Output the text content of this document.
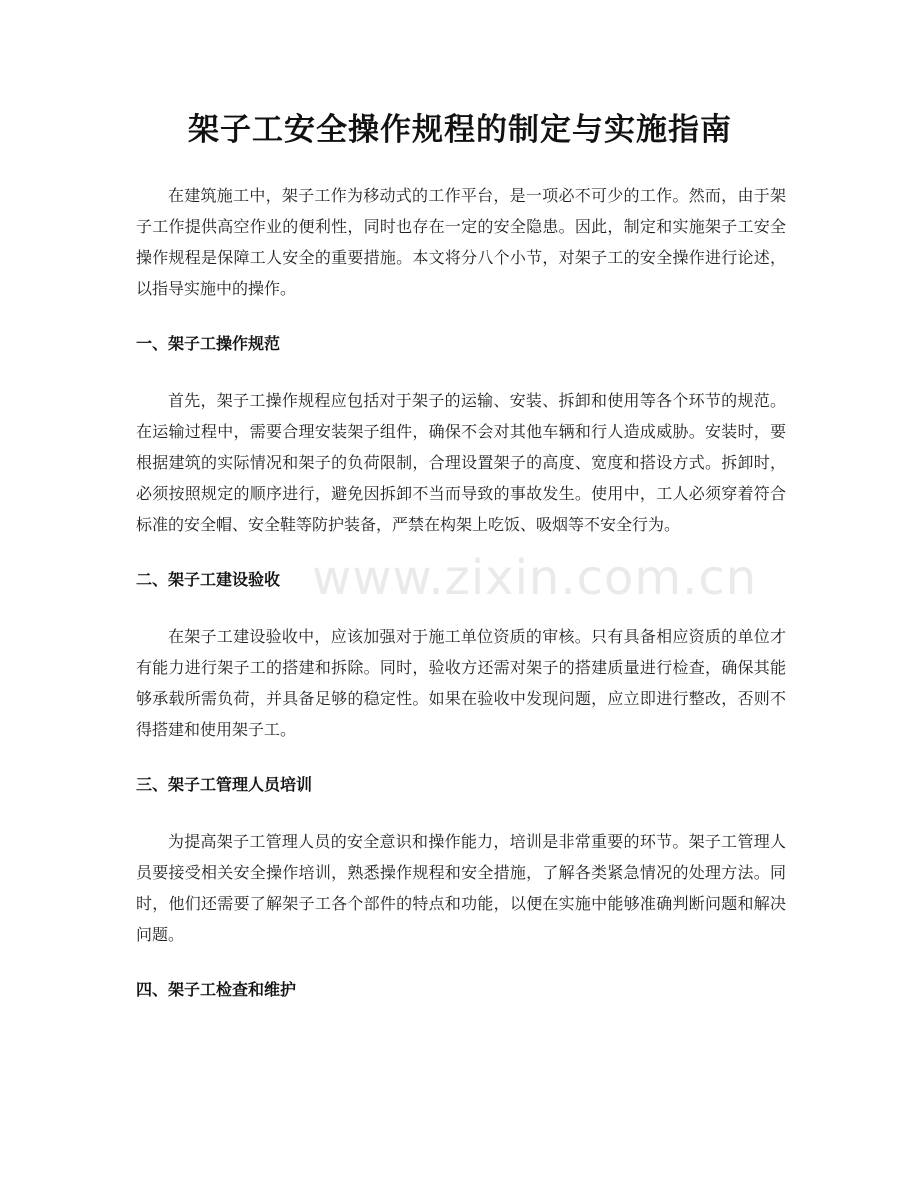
架子工安全操作规程的制定与实施指南

在建筑施工中，架子工作为移动式的工作平台，是一项必不可少的工作。然而，由于架子工作提供高空作业的便利性，同时也存在一定的安全隐患。因此，制定和实施架子工安全操作规程是保障工人安全的重要措施。本文将分八个小节，对架子工的安全操作进行论述，以指导实施中的操作。

一、架子工操作规范

首先，架子工操作规程应包括对于架子的运输、安装、拆卸和使用等各个环节的规范。在运输过程中，需要合理安装架子组件，确保不会对其他车辆和行人造成威胁。安装时，要根据建筑的实际情况和架子的负荷限制，合理设置架子的高度、宽度和搭设方式。拆卸时，必须按照规定的顺序进行，避免因拆卸不当而导致的事故发生。使用中，工人必须穿着符合标准的安全帽、安全鞋等防护装备，严禁在构架上吃饭、吸烟等不安全行为。

二、架子工建设验收

在架子工建设验收中，应该加强对于施工单位资质的审核。只有具备相应资质的单位才有能力进行架子工的搭建和拆除。同时，验收方还需对架子的搭建质量进行检查，确保其能够承载所需负荷，并具备足够的稳定性。如果在验收中发现问题，应立即进行整改，否则不得搭建和使用架子工。

三、架子工管理人员培训

为提高架子工管理人员的安全意识和操作能力，培训是非常重要的环节。架子工管理人员要接受相关安全操作培训，熟悉操作规程和安全措施，了解各类紧急情况的处理方法。同时，他们还需要了解架子工各个部件的特点和功能，以便在实施中能够准确判断问题和解决问题。

四、架子工检查和维护
www.zixin.com.cn
